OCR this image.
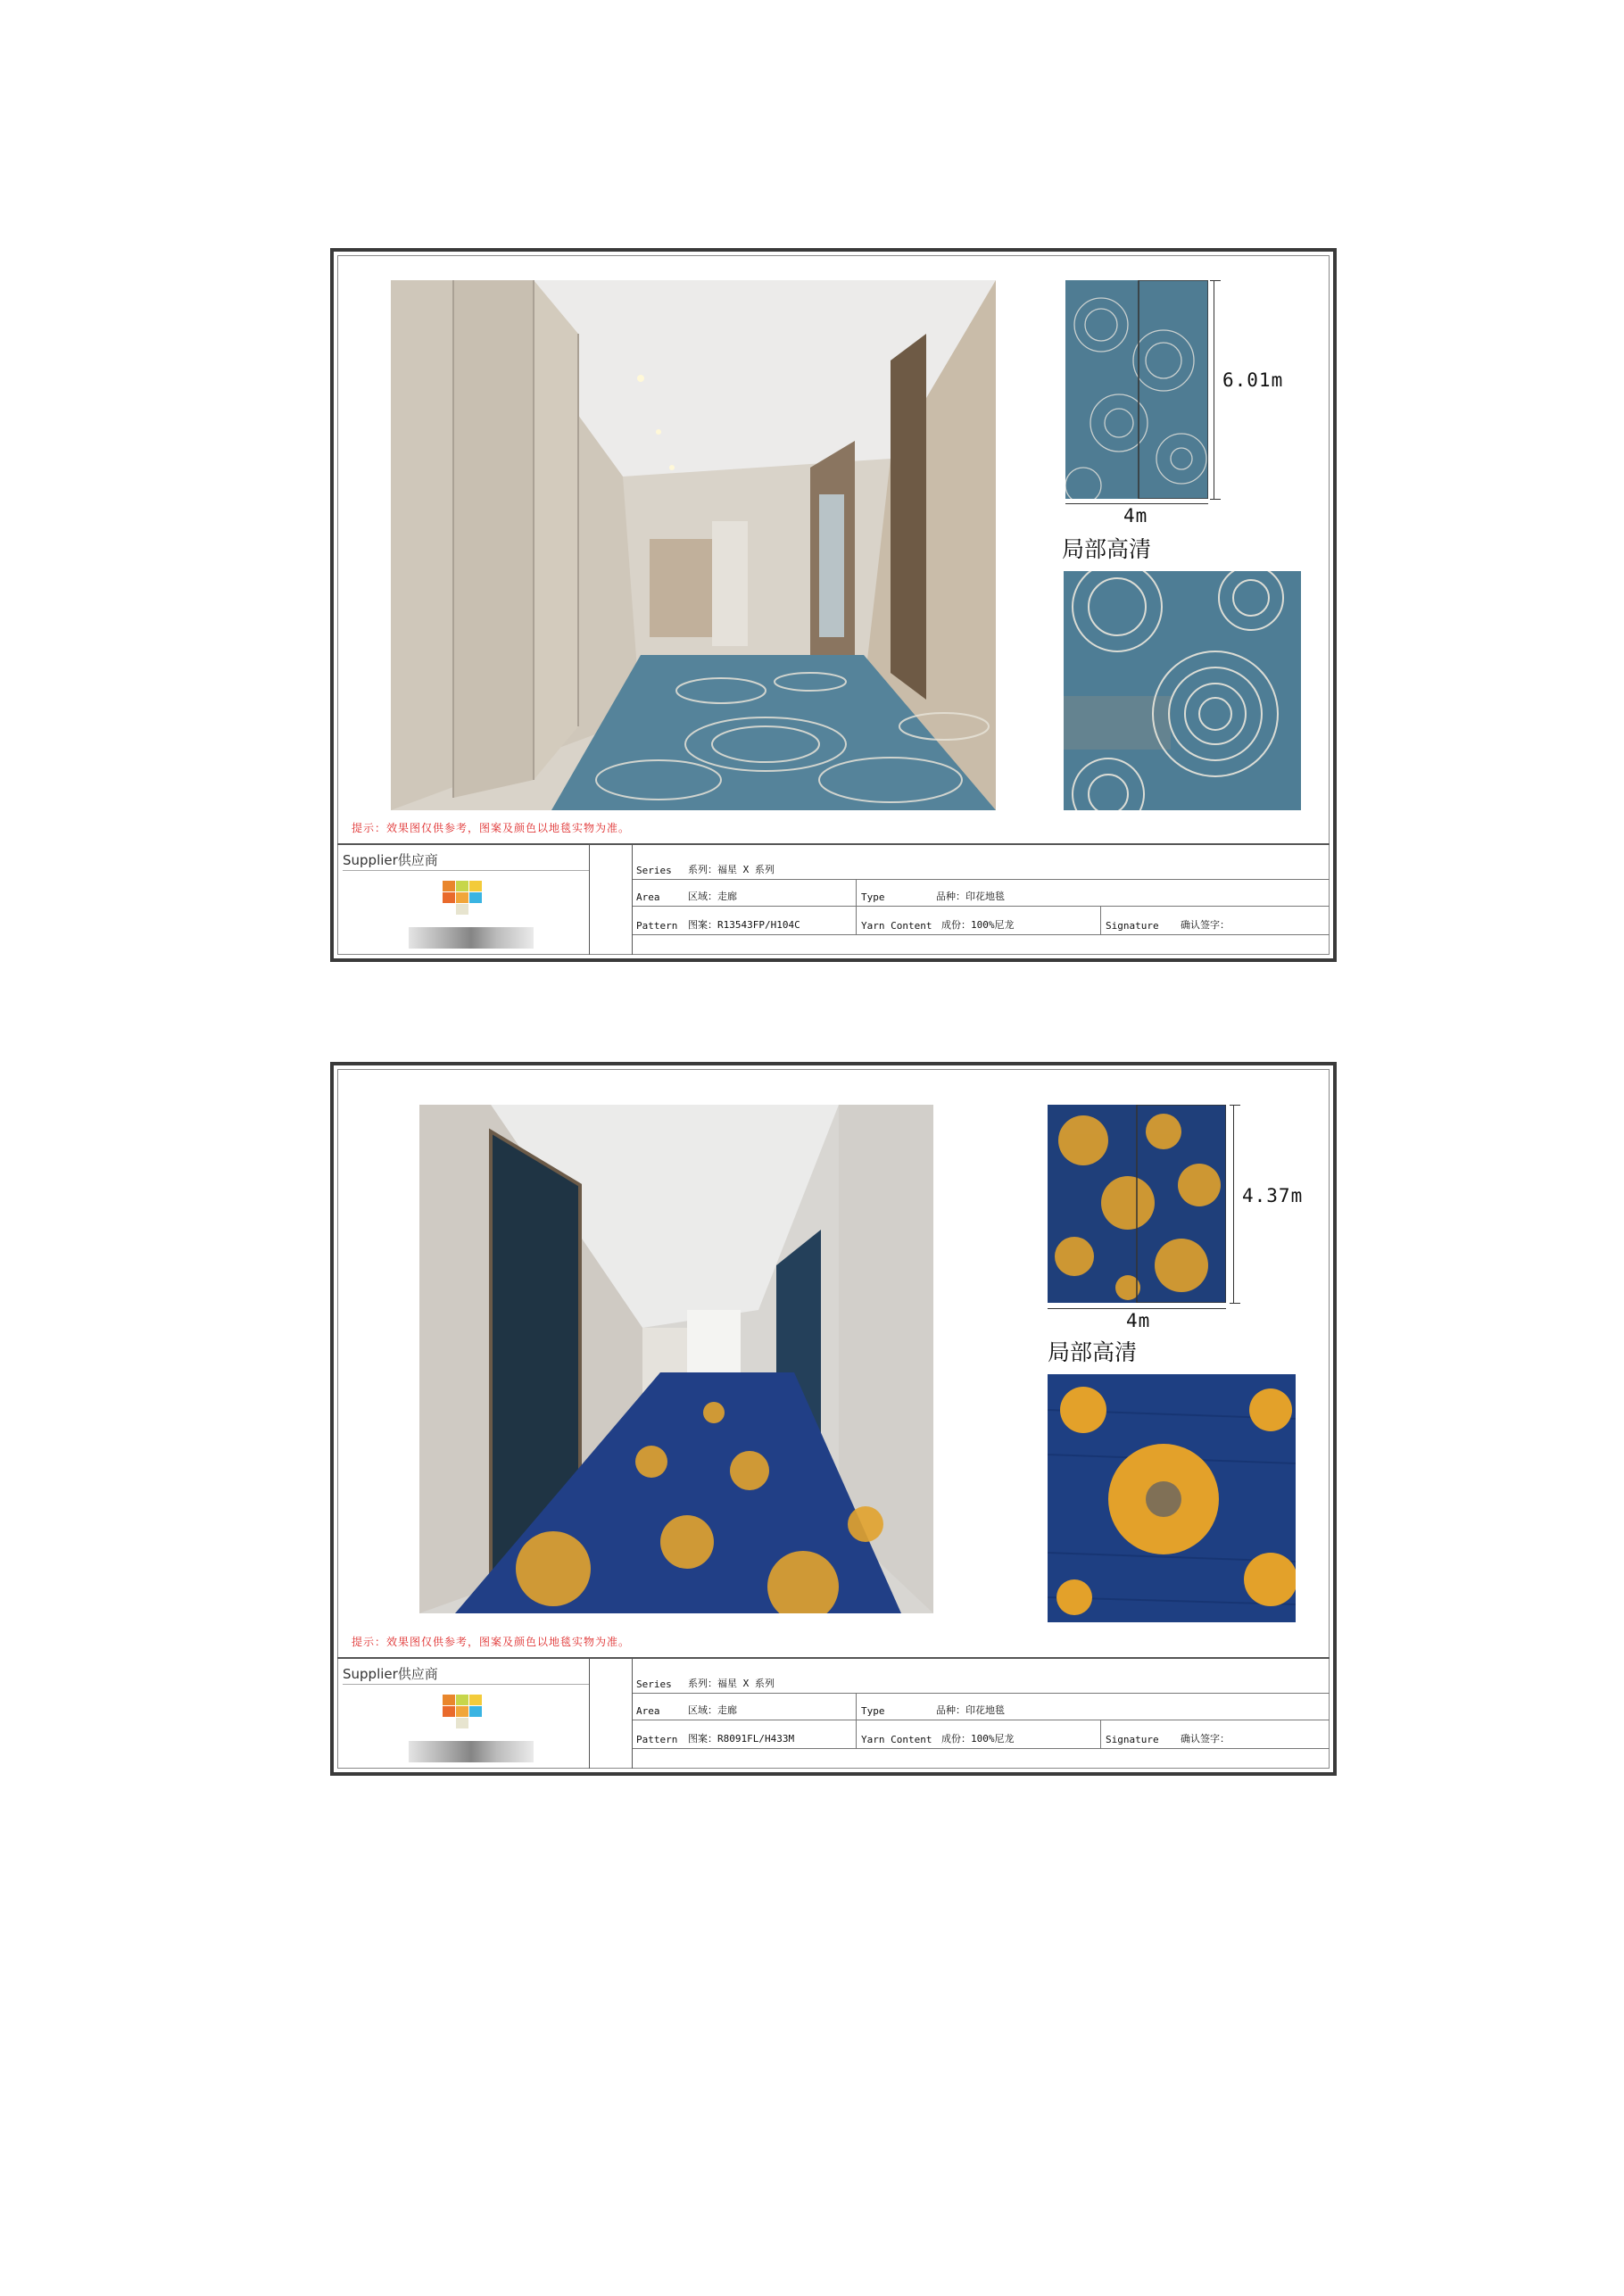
6.01m
4m
局部高清
提示：效果图仅供参考，图案及颜色以地毯实物为准。
Supplier供应商
Series 系列：福星 X 系列
Area	区域：走廊	Type	品种：印花地毯
Pattern 图案：R13543FP/H104C	Yarn Content 成份：100%尼龙	Signature 确认签字：
4.37m
4m
局部高清
提示：效果图仅供参考，图案及颜色以地毯实物为准。
Supplier供应商
Series 系列：福星 X 系列
Area	区域：走廊	Type	品种：印花地毯
Pattern 图案：R8091FL/H433M	Yarn Content 成份：100%尼龙	Signature 确认签字：
